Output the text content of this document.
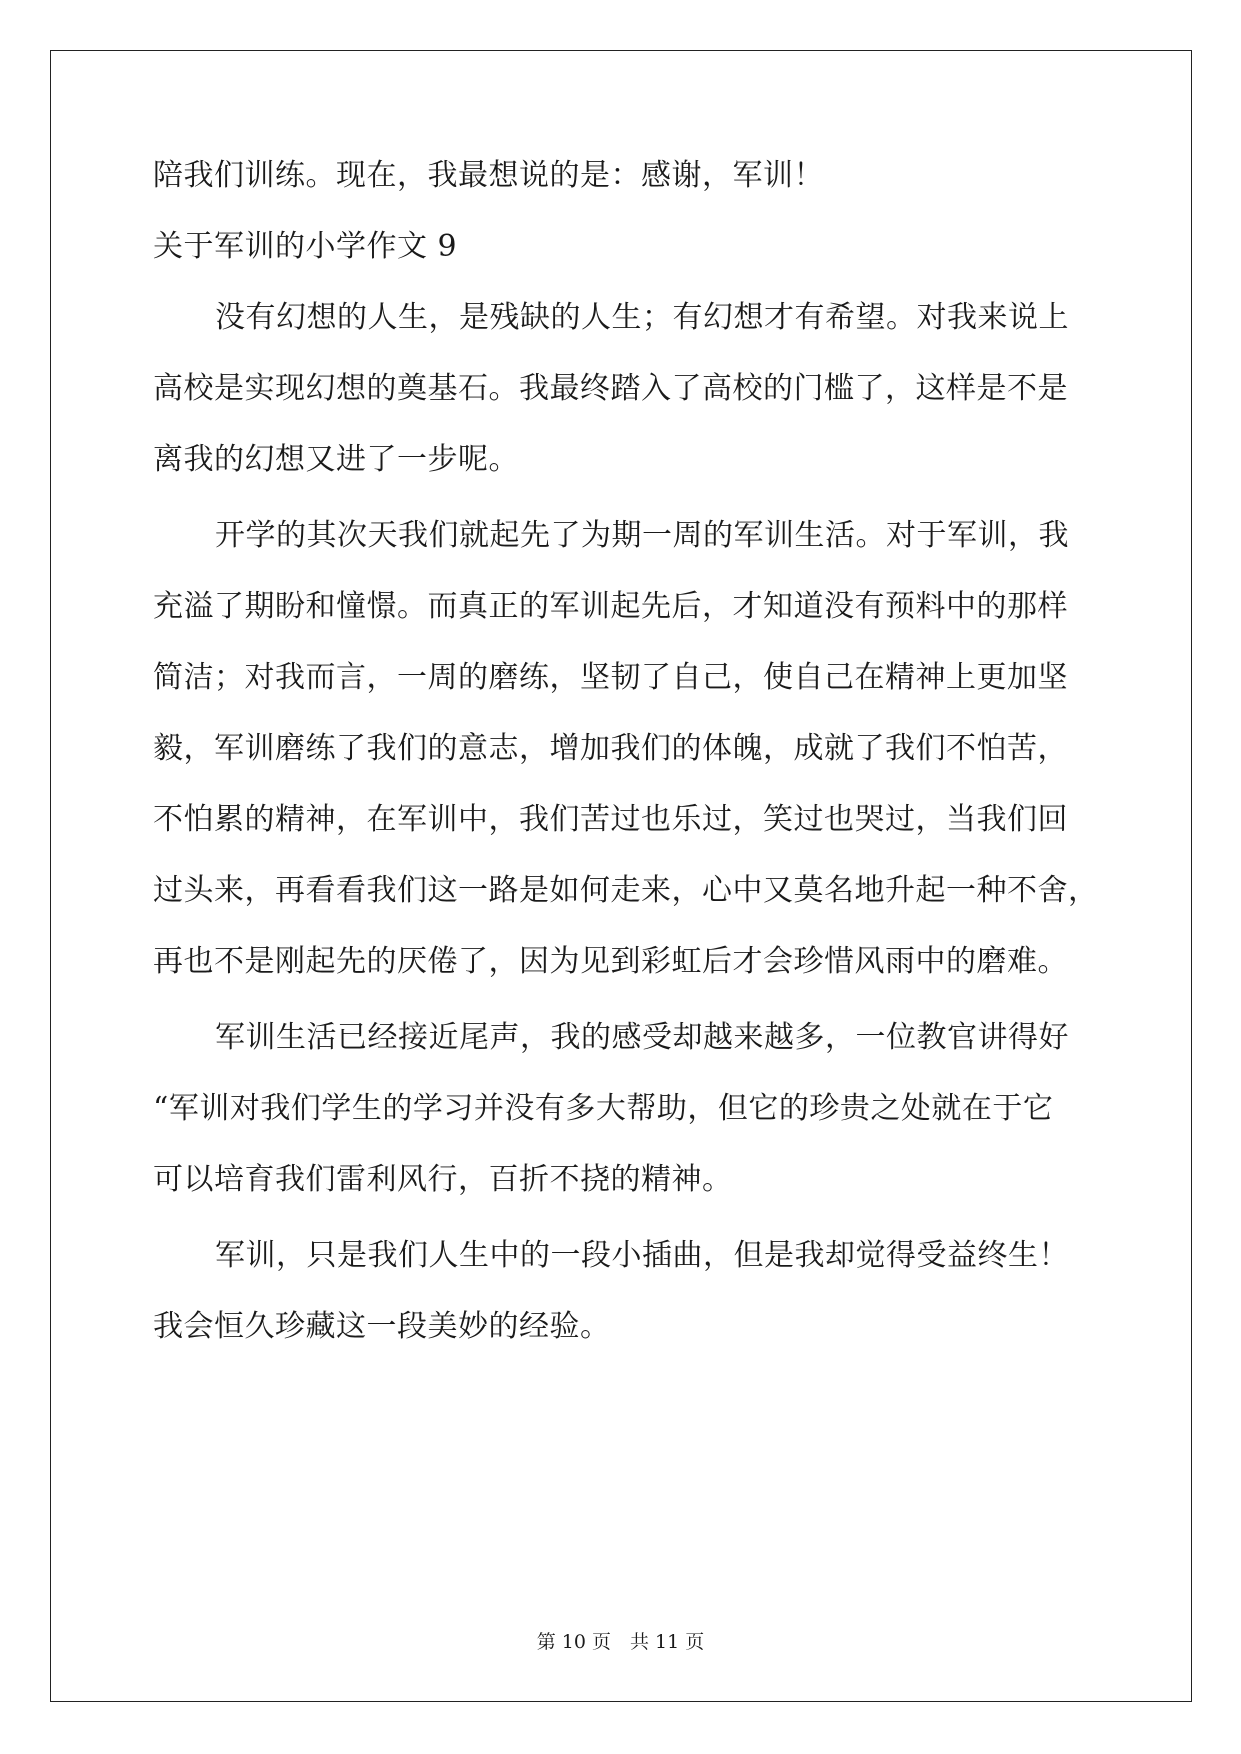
陪我们训练。现在，我最想说的是：感谢，军训！
关于军训的小学作文 9
没有幻想的人生，是残缺的人生；有幻想才有希望。对我来说上
高校是实现幻想的奠基石。我最终踏入了高校的门槛了，这样是不是
离我的幻想又进了一步呢。
开学的其次天我们就起先了为期一周的军训生活。对于军训，我
充溢了期盼和憧憬。而真正的军训起先后，才知道没有预料中的那样
简洁；对我而言，一周的磨练，坚韧了自己，使自己在精神上更加坚
毅，军训磨练了我们的意志，增加我们的体魄，成就了我们不怕苦，
不怕累的精神，在军训中，我们苦过也乐过，笑过也哭过，当我们回
过头来，再看看我们这一路是如何走来，心中又莫名地升起一种不舍，
再也不是刚起先的厌倦了，因为见到彩虹后才会珍惜风雨中的磨难。
军训生活已经接近尾声，我的感受却越来越多，一位教官讲得好
“军训对我们学生的学习并没有多大帮助，但它的珍贵之处就在于它
可以培育我们雷利风行，百折不挠的精神。
军训，只是我们人生中的一段小插曲，但是我却觉得受益终生！
我会恒久珍藏这一段美妙的经验。
第 10 页　共 11 页
